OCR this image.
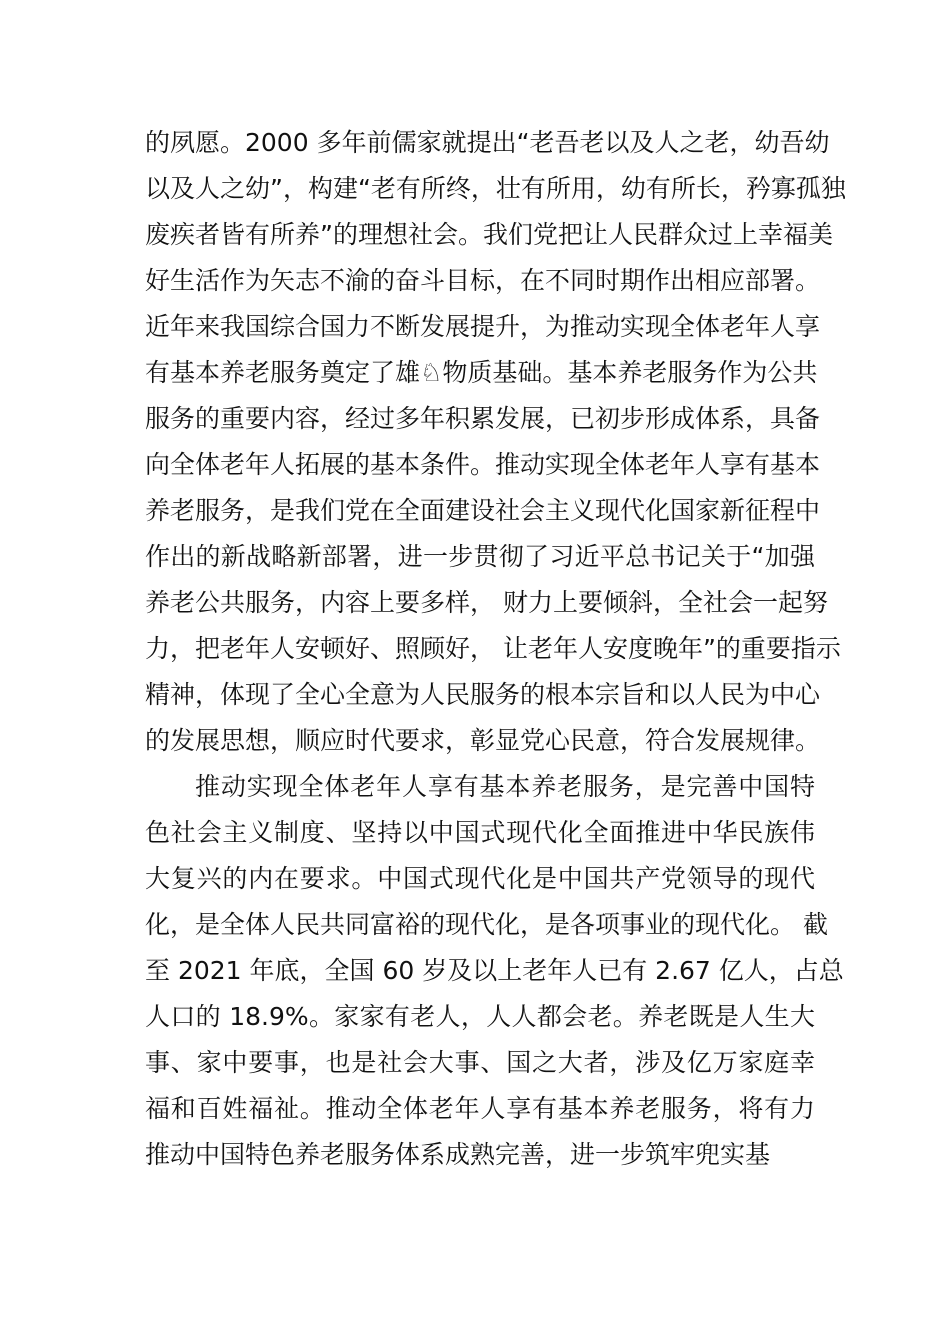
的夙愿。2000 多年前儒家就提出“老吾老以及人之老，幼吾幼
以及人之幼”，构建“老有所终，壮有所用，幼有所长，矜寡孤独
废疾者皆有所养”的理想社会。我们党把让人民群众过上幸福美
好生活作为矢志不渝的奋斗目标，在不同时期作出相应部署。
近年来我国综合国力不断发展提升，为推动实现全体老年人享
有基本养老服务奠定了雄♘物质基础。基本养老服务作为公共
服务的重要内容，经过多年积累发展，已初步形成体系，具备
向全体老年人拓展的基本条件。推动实现全体老年人享有基本
养老服务，是我们党在全面建设社会主义现代化国家新征程中
作出的新战略新部署，进一步贯彻了习近平总书记关于“加强
养老公共服务，内容上要多样， 财力上要倾斜，全社会一起努
力，把老年人安顿好、照顾好， 让老年人安度晚年”的重要指示
精神，体现了全心全意为人民服务的根本宗旨和以人民为中心
的发展思想，顺应时代要求，彰显党心民意，符合发展规律。
推动实现全体老年人享有基本养老服务，是完善中国特
色社会主义制度、坚持以中国式现代化全面推进中华民族伟
大复兴的内在要求。中国式现代化是中国共产党领导的现代
化，是全体人民共同富裕的现代化，是各项事业的现代化。 截
至 2021 年底，全国 60 岁及以上老年人已有 2.67 亿人，占总
人口的 18.9%。家家有老人，人人都会老。养老既是人生大
事、家中要事，也是社会大事、国之大者，涉及亿万家庭幸
福和百姓福祉。推动全体老年人享有基本养老服务，将有力
推动中国特色养老服务体系成熟完善，进一步筑牢兜实基
